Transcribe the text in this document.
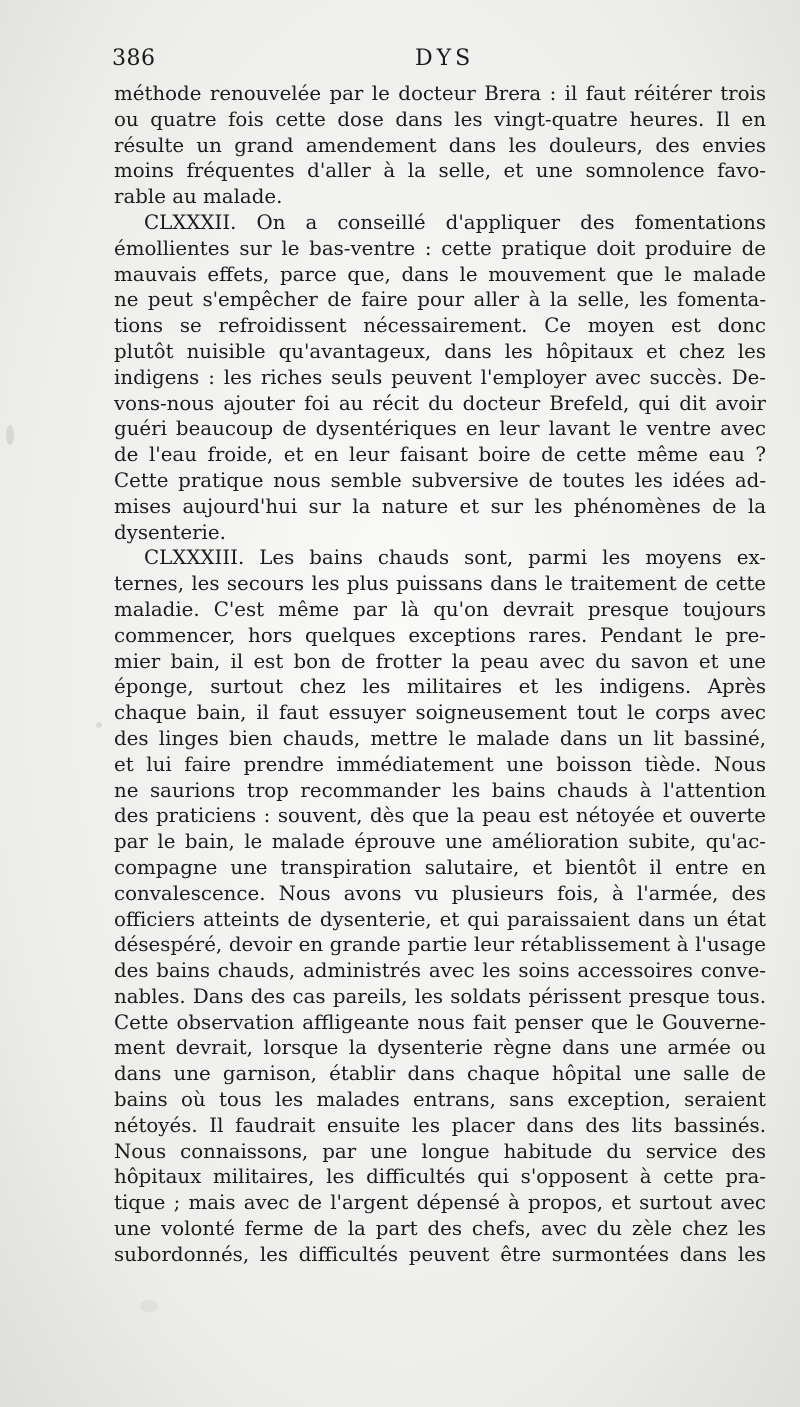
386	DYS
méthode renouvelée par le docteur Brera : il faut réitérer trois
ou quatre fois cette dose dans les vingt-quatre heures. Il en
résulte un grand amendement dans les douleurs, des envies
moins fréquentes d'aller à la selle, et une somnolence favo-
rable au malade.
CLXXXII. On a conseillé d'appliquer des fomentations
émollientes sur le bas-ventre : cette pratique doit produire de
mauvais effets, parce que, dans le mouvement que le malade
ne peut s'empêcher de faire pour aller à la selle, les fomenta-
tions se refroidissent nécessairement. Ce moyen est donc
plutôt nuisible qu'avantageux, dans les hôpitaux et chez les
indigens : les riches seuls peuvent l'employer avec succès. De-
vons-nous ajouter foi au récit du docteur Brefeld, qui dit avoir
guéri beaucoup de dysentériques en leur lavant le ventre avec
de l'eau froide, et en leur faisant boire de cette même eau ?
Cette pratique nous semble subversive de toutes les idées ad-
mises aujourd'hui sur la nature et sur les phénomènes de la
dysenterie.
CLXXXIII. Les bains chauds sont, parmi les moyens ex-
ternes, les secours les plus puissans dans le traitement de cette
maladie. C'est même par là qu'on devrait presque toujours
commencer, hors quelques exceptions rares. Pendant le pre-
mier bain, il est bon de frotter la peau avec du savon et une
éponge, surtout chez les militaires et les indigens. Après
chaque bain, il faut essuyer soigneusement tout le corps avec
des linges bien chauds, mettre le malade dans un lit bassiné,
et lui faire prendre immédiatement une boisson tiède. Nous
ne saurions trop recommander les bains chauds à l'attention
des praticiens : souvent, dès que la peau est nétoyée et ouverte
par le bain, le malade éprouve une amélioration subite, qu'ac-
compagne une transpiration salutaire, et bientôt il entre en
convalescence. Nous avons vu plusieurs fois, à l'armée, des
officiers atteints de dysenterie, et qui paraissaient dans un état
désespéré, devoir en grande partie leur rétablissement à l'usage
des bains chauds, administrés avec les soins accessoires conve-
nables. Dans des cas pareils, les soldats périssent presque tous.
Cette observation affligeante nous fait penser que le Gouverne-
ment devrait, lorsque la dysenterie règne dans une armée ou
dans une garnison, établir dans chaque hôpital une salle de
bains où tous les malades entrans, sans exception, seraient
nétoyés. Il faudrait ensuite les placer dans des lits bassinés.
Nous connaissons, par une longue habitude du service des
hôpitaux militaires, les difficultés qui s'opposent à cette pra-
tique ; mais avec de l'argent dépensé à propos, et surtout avec
une volonté ferme de la part des chefs, avec du zèle chez les
subordonnés, les difficultés peuvent être surmontées dans les
